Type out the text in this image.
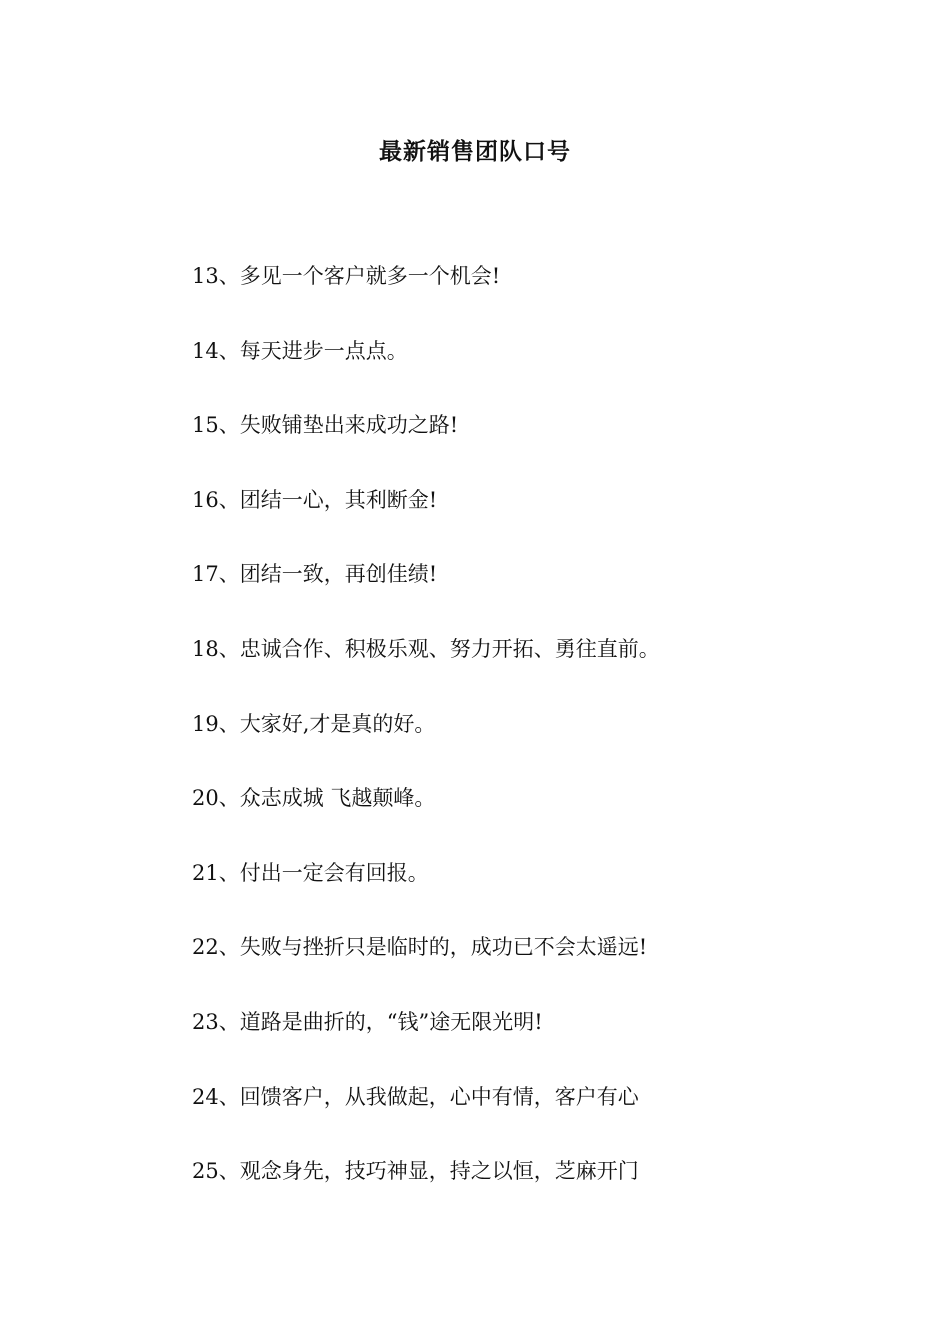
最新销售团队口号
13 、 多见一个客户就多一个机会!
14 、 每天进步一点点。
15 、 失败铺垫出来成功之路!
16 、 团结一心，其利断金!
17 、 团结一致，再创佳绩!
18 、 忠诚合作、积极乐观、努力开拓、勇往直前。
19 、 大家好,才是真的好。
20 、 众志成城 飞越颠峰。
21 、 付出一定会有回报。
22 、 失败与挫折只是临时的，成功已不会太遥远!
23 、 道路是曲折的，“钱”途无限光明!
24 、 回馈客户，从我做起，心中有情，客户有心
25 、 观念身先，技巧神显，持之以恒，芝麻开门
